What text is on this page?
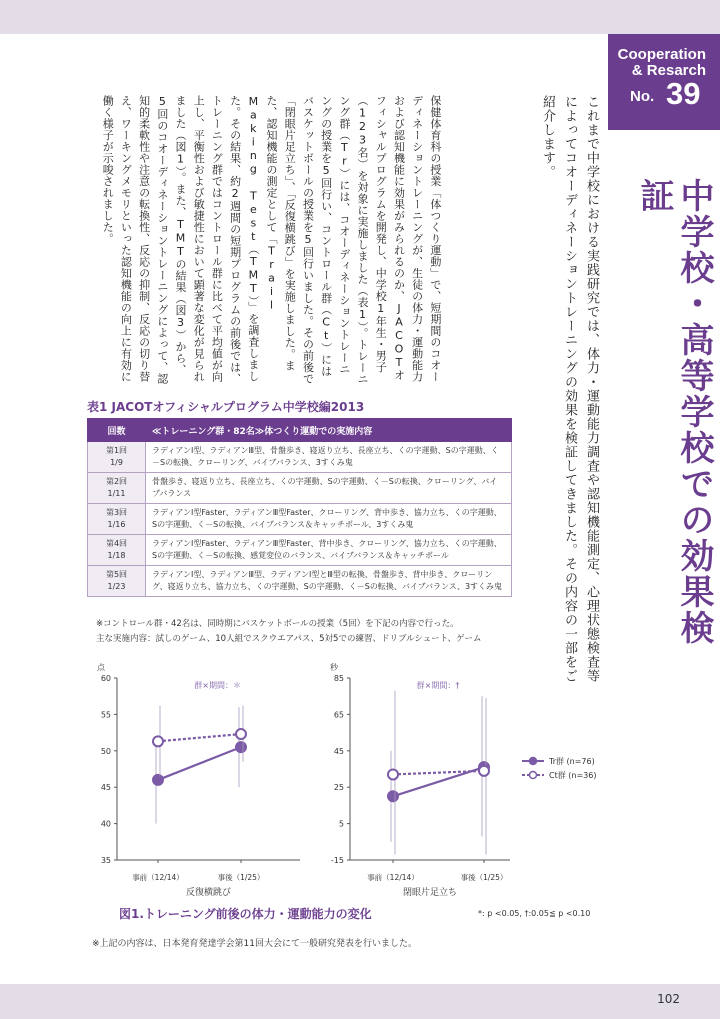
Cooperation
& Resarch
No. 39
中学校・高等学校での効果検証
これまで中学校における実践研究では、体力・運動能力調査や認知機能測定、心理状態検査等によってコオーディネーショントレーニングの効果を検証してきました。その内容の一部をご紹介します。
保健体育科の授業「体つくり運動」で、短期間のコオーディネーショントレーニングが、生徒の体力・運動能力および認知機能に効果がみられるのか、JACOTオフィシャルプログラムを開発し、中学校1年生・男子（123名）を対象に実施しました（表1）。トレーニング群（Tr）には、コオーディネーショントレーニングの授業を5回行い、コントロール群（Ct）にはバスケットボールの授業を5回行いました。その前後で「閉眼片足立ち」、「反復横跳び」を実施しました。また、認知機能の測定として「Trail Making Test（TMT）」を調査しました。その結果、約2週間の短期プログラムの前後では、トレーニング群ではコントロール群に比べて平均値が向上し、平衡性および敏捷性において顕著な変化が見られました（図1）。また、TMTの結果（図3）から、5回のコオーディネーショントレーニングによって、認知的柔軟性や注意の転換性、反応の抑制、反応の切り替え、ワーキングメモリといった認知機能の向上に有効に働く様子が示唆されました。
表1 JACOTオフィシャルプログラム中学校編2013
回数	≪トレーニング群・82名≫体つくり運動での実施内容
第1回
1/9	ラディアンⅠ型、ラディアンⅢ型、骨盤歩き、寝返り立ち、長座立ち、くの字運動、Sの字運動、く－Sの転換、クローリング、バイブバランス、3すくみ鬼
第2回
1/11	骨盤歩き、寝返り立ち、長座立ち、くの字運動、Sの字運動、く－Sの転換、クローリング、バイブバランス
第3回
1/16	ラディアンⅠ型Faster、ラディアンⅢ型Faster、クローリング、背中歩き、協力立ち、くの字運動、Sの字運動、く－Sの転換、バイブバランス＆キャッチボール、3すくみ鬼
第4回
1/18	ラディアンⅠ型Faster、ラディアンⅢ型Faster、背中歩き、クローリング、協力立ち、くの字運動、Sの字運動、く－Sの転換、感覚変位のバランス、バイブバランス＆キャッチボール
第5回
1/23	ラディアンⅠ型、ラディアンⅢ型、ラディアンⅠ型とⅢ型の転換、骨盤歩き、背中歩き、クローリング、寝返り立ち、協力立ち、くの字運動、Sの字運動、く－Sの転換、バイブバランス、3すくみ鬼
※コントロール群・42名は、同時期にバスケットボールの授業（5回）を下記の内容で行った。
主な実施内容：試しのゲーム、10人組でスクウエアパス、5対5での練習、ドリブルシュート、ゲーム
35
40
45
50
55
60
点
事前（12/14）	事後（1/25）
反復横跳び
群×期間：＊
-15
5
25
45
65
85
秒
事前（12/14）	事後（1/25）
閉眼片足立ち
群×期間：†
Tr群 (n=76)
Ct群 (n=36)
図1.トレーニング前後の体力・運動能力の変化	*: p <0.05, †:0.05≦ p <0.10
※上記の内容は、日本発育発達学会第11回大会にて一般研究発表を行いました。
102
